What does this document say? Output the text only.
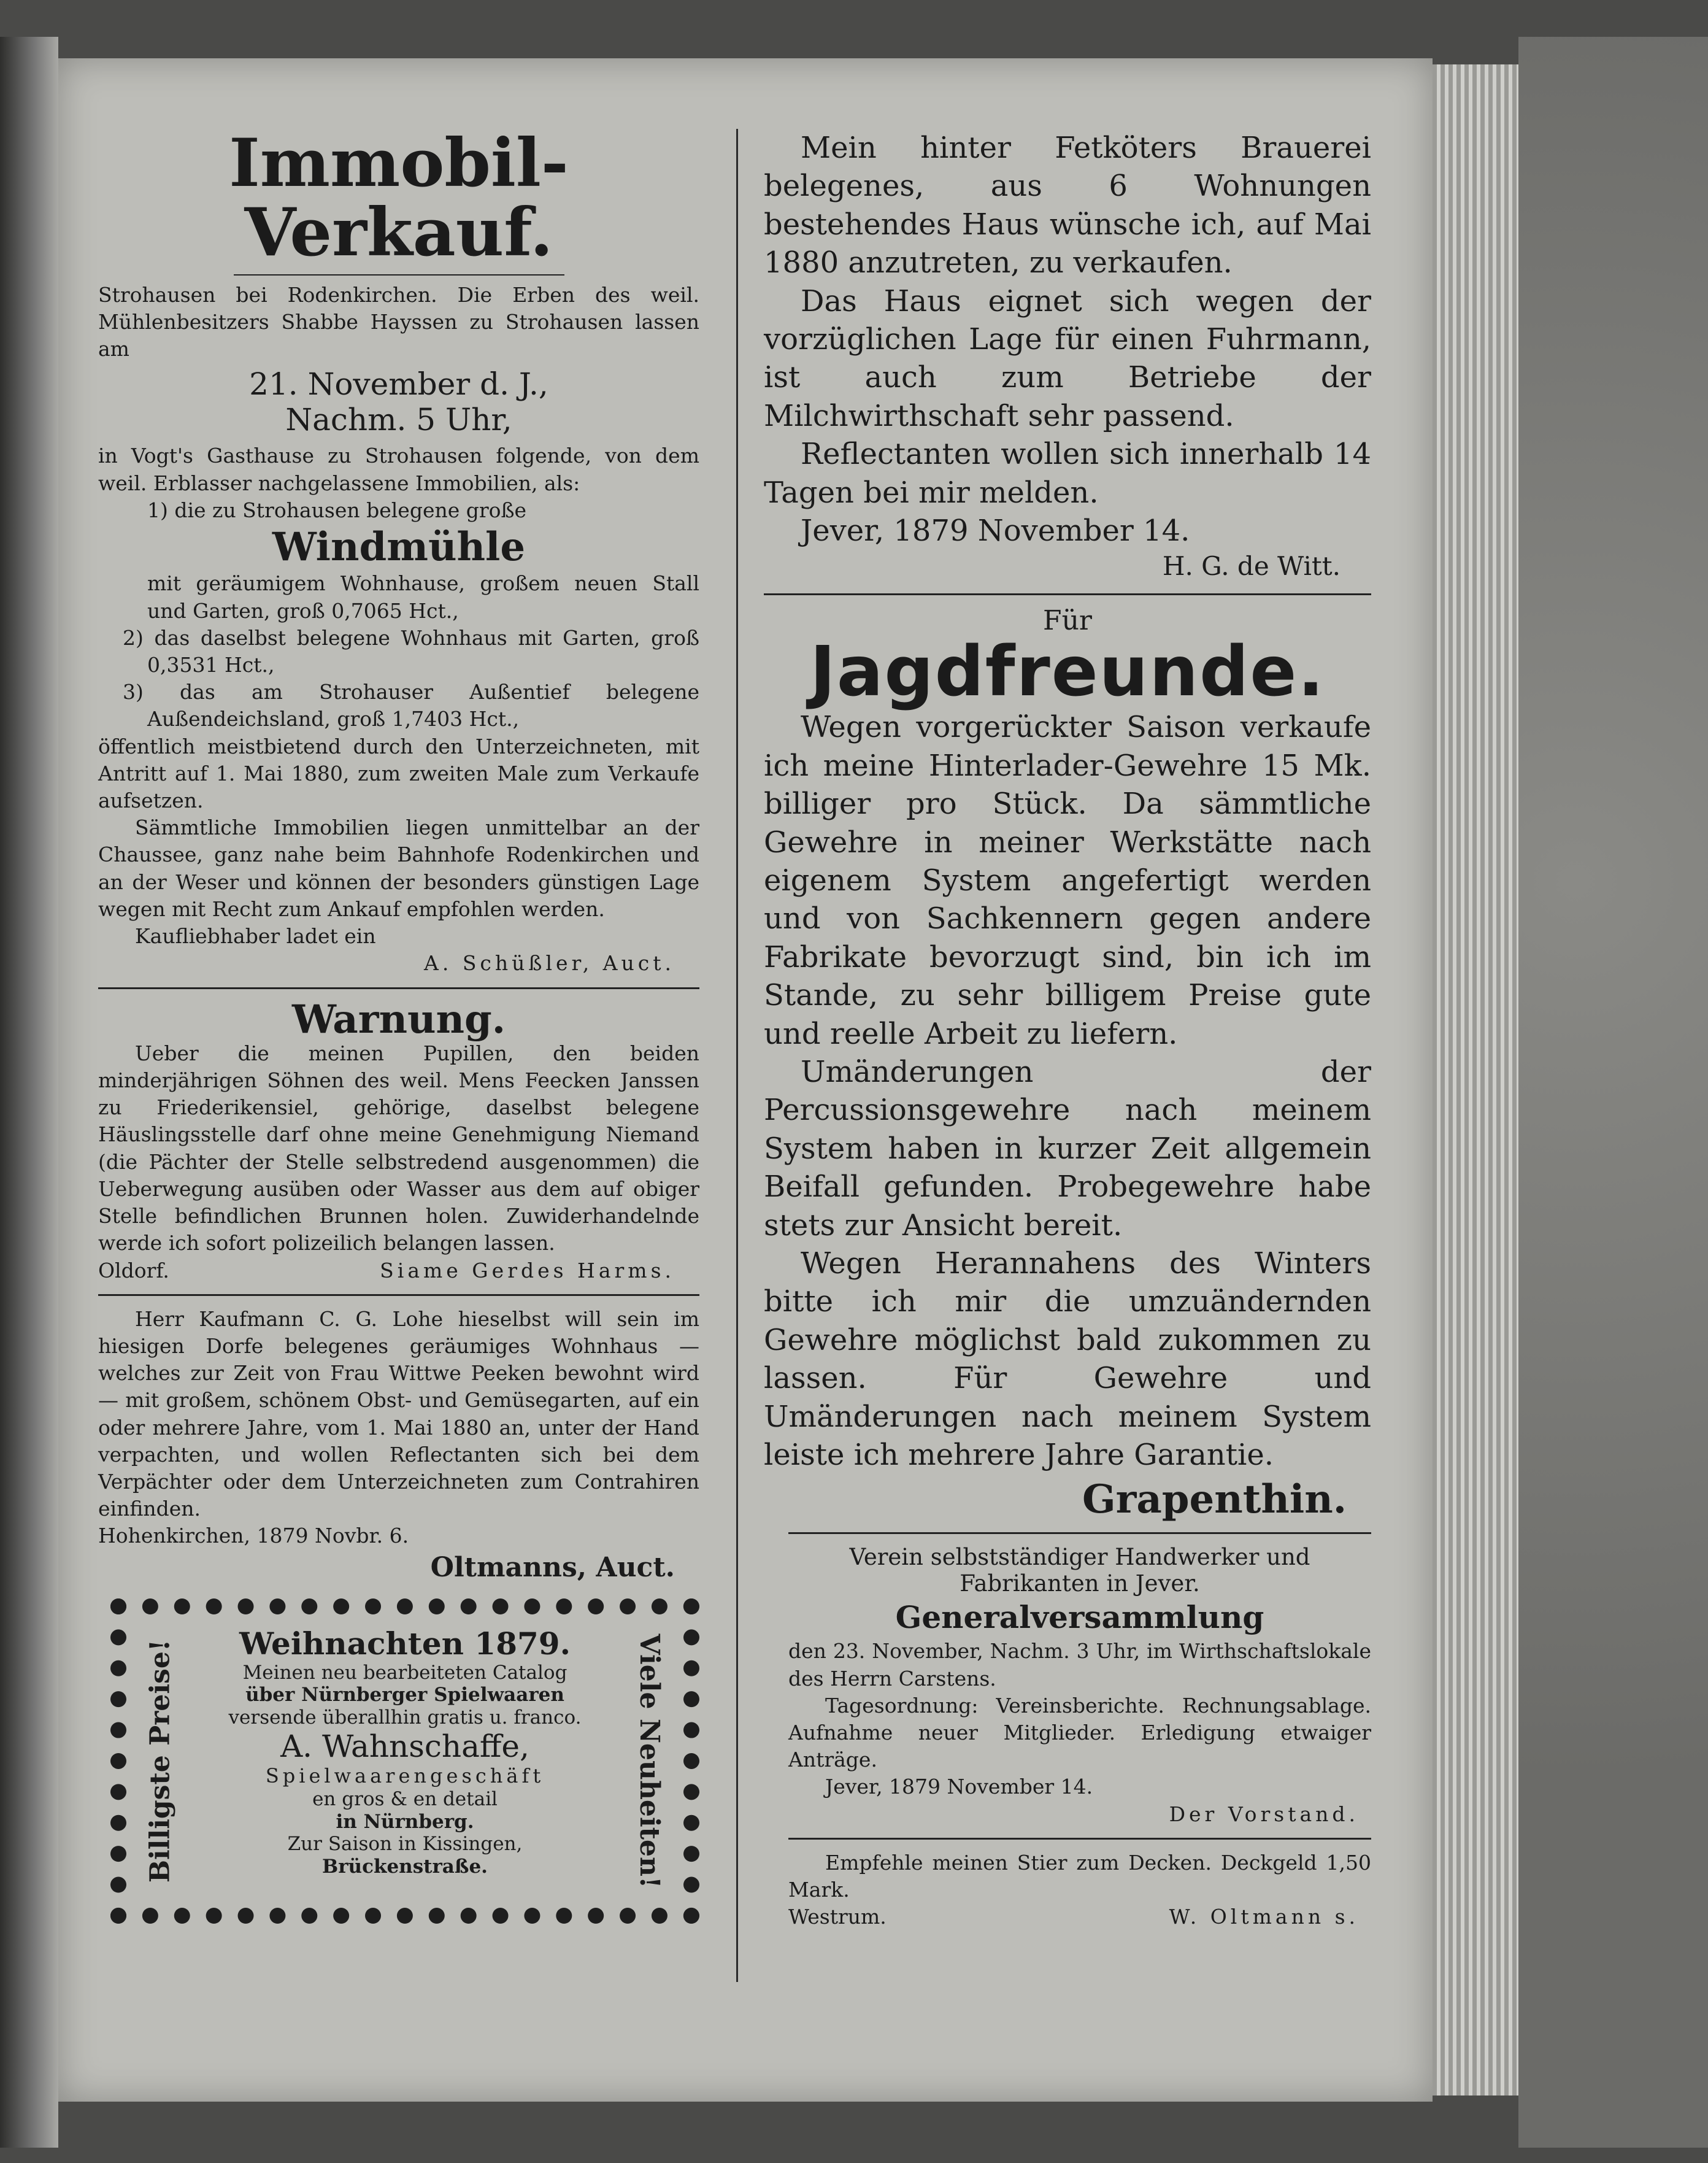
Immobil-Verkauf.

Strohausen bei Rodenkirchen. Die Erben des weil. Mühlenbesitzers Shabbe Hayssen zu Strohausen lassen am

21. November d. J.,

Nachm. 5 Uhr,

in Vogt's Gasthause zu Strohausen folgende, von dem weil. Erblasser nachgelassene Immobilien, als:

1) die zu Strohausen belegene große

Windmühle

mit geräumigem Wohnhause, großem neuen Stall und Garten, groß 0,7065 Hct.,

2) das daselbst belegene Wohnhaus mit Garten, groß 0,3531 Hct.,

3) das am Strohauser Außentief belegene Außendeichsland, groß 1,7403 Hct.,

öffentlich meistbietend durch den Unterzeichneten, mit Antritt auf 1. Mai 1880, zum zweiten Male zum Verkaufe aufsetzen.

Sämmtliche Immobilien liegen unmittelbar an der Chaussee, ganz nahe beim Bahnhofe Rodenkirchen und an der Weser und können der besonders günstigen Lage wegen mit Recht zum Ankauf empfohlen werden.

Kaufliebhaber ladet ein

A. Schüßler, Auct.

Warnung.

Ueber die meinen Pupillen, den beiden minderjährigen Söhnen des weil. Mens Feecken Janssen zu Friederikensiel, gehörige, daselbst belegene Häuslingsstelle darf ohne meine Genehmigung Niemand (die Pächter der Stelle selbstredend ausgenommen) die Ueberwegung ausüben oder Wasser aus dem auf obiger Stelle befindlichen Brunnen holen. Zuwiderhandelnde werde ich sofort polizeilich belangen lassen.

Oldorf.	Siame Gerdes Harms.

Herr Kaufmann C. G. Lohe hieselbst will sein im hiesigen Dorfe belegenes geräumiges Wohnhaus — welches zur Zeit von Frau Wittwe Peeken bewohnt wird — mit großem, schönem Obst- und Gemüsegarten, auf ein oder mehrere Jahre, vom 1. Mai 1880 an, unter der Hand verpachten, und wollen Reflectanten sich bei dem Verpächter oder dem Unterzeichneten zum Contrahiren einfinden.

Hohenkirchen, 1879 Novbr. 6.

Oltmanns, Auct.

Billigste Preise!	Viele Neuheiten!
Weihnachten 1879.
Meinen neu bearbeiteten Catalog
über Nürnberger Spielwaaren
versende überallhin gratis u. franco.
A. Wahnschaffe,
Spielwaarengeschäft
en gros & en detail
in Nürnberg.
Zur Saison in Kissingen,
Brückenstraße.

Mein hinter Fetköters Brauerei belegenes, aus 6 Wohnungen bestehendes Haus wünsche ich, auf Mai 1880 anzutreten, zu verkaufen.

Das Haus eignet sich wegen der vorzüglichen Lage für einen Fuhrmann, ist auch zum Betriebe der Milchwirthschaft sehr passend.

Reflectanten wollen sich innerhalb 14 Tagen bei mir melden.

Jever, 1879 November 14.

H. G. de Witt.

Für

Jagdfreunde.

Wegen vorgerückter Saison verkaufe ich meine Hinterlader-Gewehre 15 Mk. billiger pro Stück. Da sämmtliche Gewehre in meiner Werkstätte nach eigenem System angefertigt werden und von Sachkennern gegen andere Fabrikate bevorzugt sind, bin ich im Stande, zu sehr billigem Preise gute und reelle Arbeit zu liefern.

Umänderungen der Percussionsgewehre nach meinem System haben in kurzer Zeit allgemein Beifall gefunden. Probegewehre habe stets zur Ansicht bereit.

Wegen Herannahens des Winters bitte ich mir die umzuändernden Gewehre möglichst bald zukommen zu lassen. Für Gewehre und Umänderungen nach meinem System leiste ich mehrere Jahre Garantie.

Grapenthin.

Verein selbstständiger Handwerker und

Fabrikanten in Jever.

Generalversammlung

den 23. November, Nachm. 3 Uhr, im Wirthschaftslokale des Herrn Carstens.

Tagesordnung: Vereinsberichte. Rechnungsablage. Aufnahme neuer Mitglieder. Erledigung etwaiger Anträge.

Jever, 1879 November 14.

Der Vorstand.

Empfehle meinen Stier zum Decken. Deckgeld 1,50 Mark.

Westrum.	W. Oltmann s.
